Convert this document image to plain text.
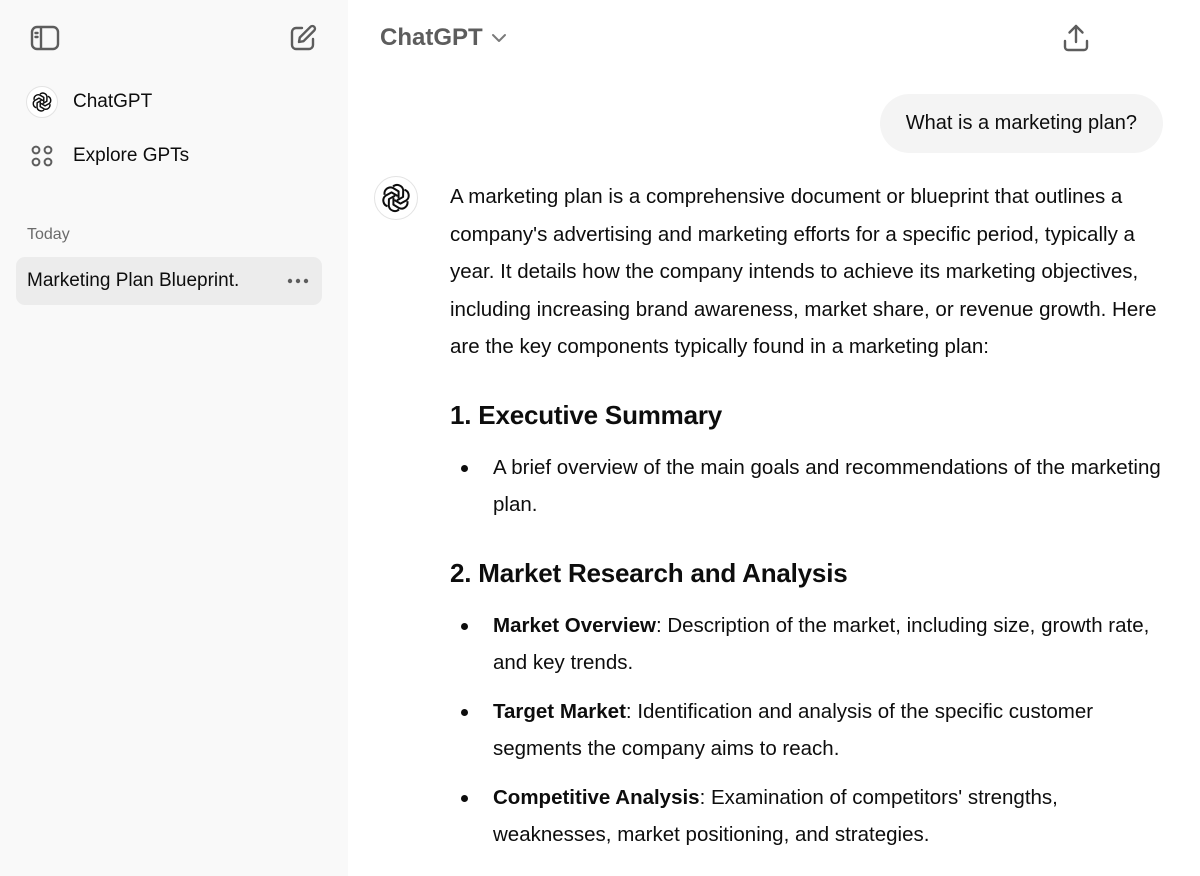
ChatGPT
Explore GPTs
Today
Marketing Plan Blueprint.
ChatGPT
What is a marketing plan?

A marketing plan is a comprehensive document or blueprint that outlines a company's advertising and marketing efforts for a specific period, typically a year. It details how the company intends to achieve its marketing objectives, including increasing brand awareness, market share, or revenue growth. Here are the key components typically found in a marketing plan:

1. Executive Summary
A brief overview of the main goals and recommendations of the marketing plan.
2. Market Research and Analysis
Market Overview: Description of the market, including size, growth rate, and key trends.
Target Market: Identification and analysis of the specific customer segments the company aims to reach.
Competitive Analysis: Examination of competitors' strengths, weaknesses, market positioning, and strategies.
